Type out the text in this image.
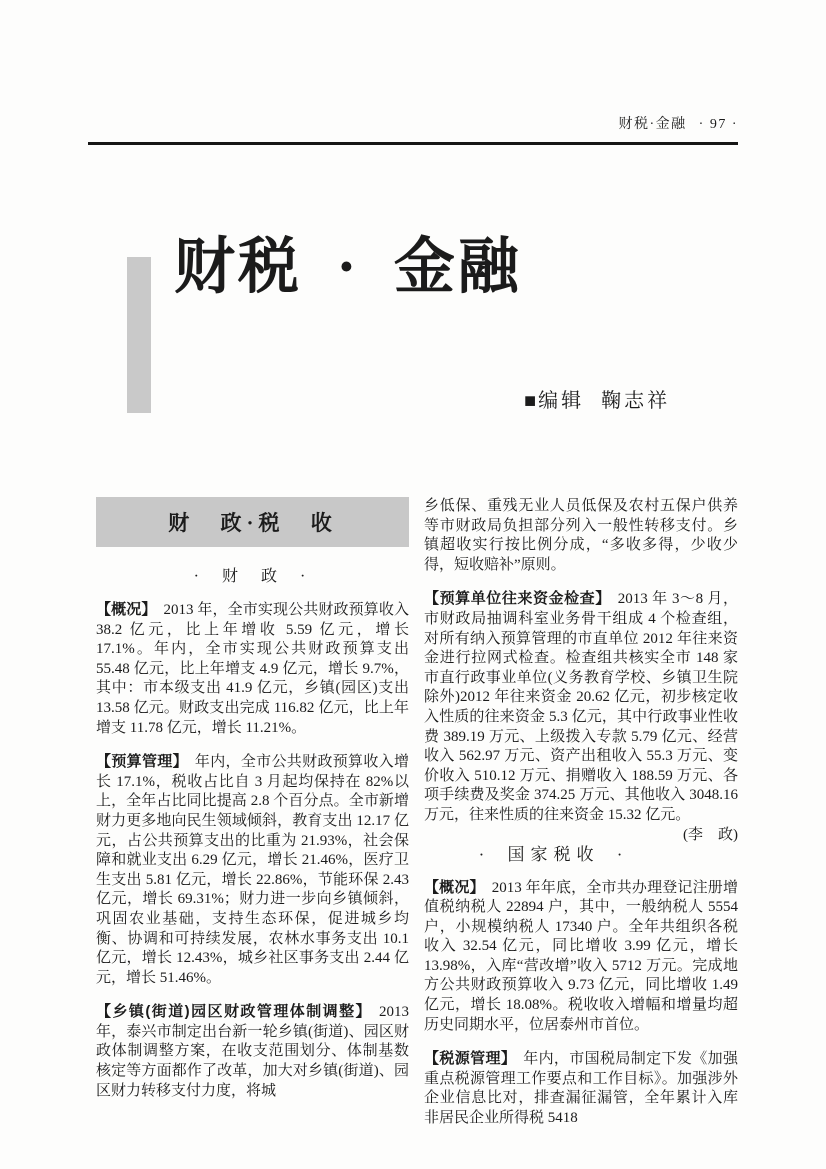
财税·金融 · 97 ·
财税 · 金融
■ 编辑 鞠志祥
财 政·税 收
· 财 政 ·

【概况】 2013 年，全市实现公共财政预算收入 38.2 亿元，比上年增收 5.59 亿元，增长 17.1%。年内，全市实现公共财政预算支出 55.48 亿元，比上年增支 4.9 亿元，增长 9.7%，其中：市本级支出 41.9 亿元，乡镇(园区)支出 13.58 亿元。财政支出完成 116.82 亿元，比上年增支 11.78 亿元，增长 11.21%。

【预算管理】 年内，全市公共财政预算收入增长 17.1%，税收占比自 3 月起均保持在 82%以上，全年占比同比提高 2.8 个百分点。全市新增财力更多地向民生领域倾斜，教育支出 12.17 亿元，占公共预算支出的比重为 21.93%，社会保障和就业支出 6.29 亿元，增长 21.46%，医疗卫生支出 5.81 亿元，增长 22.86%，节能环保 2.43 亿元，增长 69.31%；财力进一步向乡镇倾斜，巩固农业基础，支持生态环保，促进城乡均衡、协调和可持续发展，农林水事务支出 10.1 亿元，增长 12.43%，城乡社区事务支出 2.44 亿元，增长 51.46%。

【乡镇(街道)园区财政管理体制调整】 2013 年，泰兴市制定出台新一轮乡镇(街道)、园区财政体制调整方案，在收支范围划分、体制基数核定等方面都作了改革，加大对乡镇(街道)、园区财力转移支付力度，将城

乡低保、重残无业人员低保及农村五保户供养等市财政局负担部分列入一般性转移支付。乡镇超收实行按比例分成，“多收多得，少收少得，短收赔补”原则。

【预算单位往来资金检查】 2013 年 3～8 月，市财政局抽调科室业务骨干组成 4 个检查组，对所有纳入预算管理的市直单位 2012 年往来资金进行拉网式检查。检查组共核实全市 148 家市直行政事业单位(义务教育学校、乡镇卫生院除外)2012 年往来资金 20.62 亿元，初步核定收入性质的往来资金 5.3 亿元，其中行政事业性收费 389.19 万元、上级拨入专款 5.79 亿元、经营收入 562.97 万元、资产出租收入 55.3 万元、变价收入 510.12 万元、捐赠收入 188.59 万元、各项手续费及奖金 374.25 万元、其他收入 3048.16 万元，往来性质的往来资金 15.32 亿元。
(李　政)

· 国家税收 ·

【概况】 2013 年年底，全市共办理登记注册增值税纳税人 22894 户，其中，一般纳税人 5554 户，小规模纳税人 17340 户。全年共组织各税收入 32.54 亿元，同比增收 3.99 亿元，增长 13.98%，入库“营改增”收入 5712 万元。完成地方公共财政预算收入 9.73 亿元，同比增收 1.49 亿元，增长 18.08%。税收收入增幅和增量均超历史同期水平，位居泰州市首位。

【税源管理】 年内，市国税局制定下发《加强重点税源管理工作要点和工作目标》。加强涉外企业信息比对，排查漏征漏管，全年累计入库非居民企业所得税 5418
